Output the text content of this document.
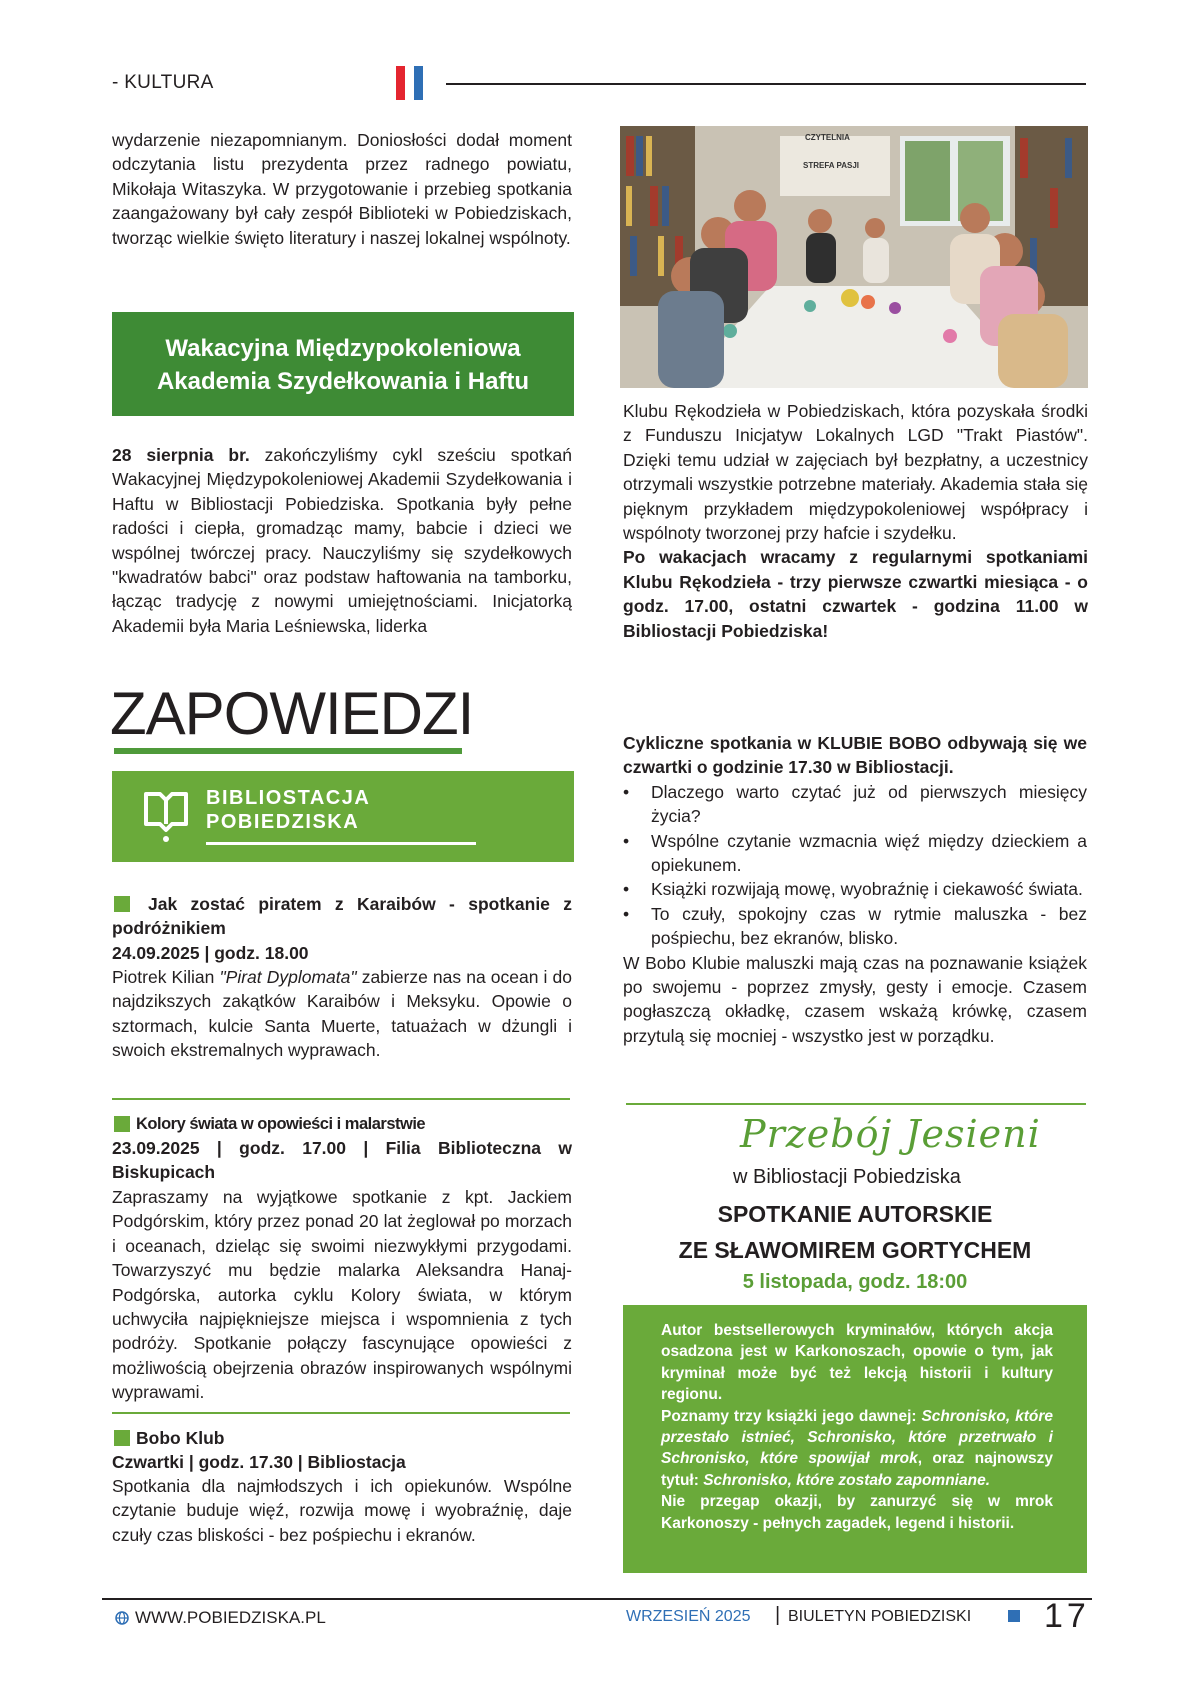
- KULTURA
wydarzenie niezapomnianym. Doniosłości dodał moment odczytania listu prezydenta przez radnego powiatu, Mikołaja Witaszyka. W przygotowanie i przebieg spotkania zaangażowany był cały zespół Biblioteki w Pobiedziskach, tworząc wielkie święto literatury i naszej lokalnej wspólnoty.
Wakacyjna Międzypokoleniowa
Akademia Szydełkowania i Haftu
28 sierpnia br. zakończyliśmy cykl sześciu spotkań Wakacyjnej Międzypokoleniowej Akademii Szydełkowania i Haftu w Bibliostacji Pobiedziska. Spotkania były pełne radości i ciepła, gromadząc mamy, babcie i dzieci we wspólnej twórczej pracy. Nauczyliśmy się szydełkowych "kwadratów babci" oraz podstaw haftowania na tamborku, łącząc tradycję z nowymi umiejętnościami. Inicjatorką Akademii była Maria Leśniewska, liderka
CZYTELNIA
STREFA PASJI
Klubu Rękodzieła w Pobiedziskach, która pozyskała środki z Funduszu Inicjatyw Lokalnych LGD "Trakt Piastów". Dzięki temu udział w zajęciach był bezpłatny, a uczestnicy otrzymali wszystkie potrzebne materiały. Akademia stała się pięknym przykładem międzypokoleniowej współpracy i wspólnoty tworzonej przy hafcie i szydełku.
Po wakacjach wracamy z regularnymi spotkaniami Klubu Rękodzieła - trzy pierwsze czwartki miesiąca - o godz. 17.00, ostatni czwartek - godzina 11.00 w Bibliostacji Pobiedziska!
ZAPOWIEDZI
BIBLIOSTACJA
POBIEDZISKA
Jak zostać piratem z Karaibów - spotkanie z podróżnikiem
24.09.2025 | godz. 18.00
Piotrek Kilian "Pirat Dyplomata" zabierze nas na ocean i do najdzikszych zakątków Karaibów i Meksyku. Opowie o sztormach, kulcie Santa Muerte, tatuażach w dżungli i swoich ekstremalnych wyprawach.
Kolory świata w opowieści i malarstwie
23.09.2025 | godz. 17.00 | Filia Biblioteczna w Biskupicach
Zapraszamy na wyjątkowe spotkanie z kpt. Jackiem Podgórskim, który przez ponad 20 lat żeglował po morzach i oceanach, dzieląc się swoimi niezwykłymi przygodami. Towarzyszyć mu będzie malarka Aleksandra Hanaj-Podgórska, autorka cyklu Kolory świata, w którym uchwyciła najpiękniejsze miejsca i wspomnienia z tych podróży. Spotkanie połączy fascynujące opowieści z możliwością obejrzenia obrazów inspirowanych wspólnymi wyprawami.
Bobo Klub
Czwartki | godz. 17.30 | Bibliostacja
Spotkania dla najmłodszych i ich opiekunów. Wspólne czytanie buduje więź, rozwija mowę i wyobraźnię, daje czuły czas bliskości - bez pośpiechu i ekranów.
Cykliczne spotkania w KLUBIE BOBO odbywają się we czwartki o godzinie 17.30 w Bibliostacji.
• Dlaczego warto czytać już od pierwszych miesięcy życia?
• Wspólne czytanie wzmacnia więź między dzieckiem a opiekunem.
• Książki rozwijają mowę, wyobraźnię i ciekawość świata.
• To czuły, spokojny czas w rytmie maluszka - bez pośpiechu, bez ekranów, blisko.
W Bobo Klubie maluszki mają czas na poznawanie książek po swojemu - poprzez zmysły, gesty i emocje. Czasem pogłaszczą okładkę, czasem wskażą krówkę, czasem przytulą się mocniej - wszystko jest w porządku.
Przebój Jesieni
w Bibliostacji Pobiedziska
SPOTKANIE AUTORSKIE
ZE SŁAWOMIREM GORTYCHEM
5 listopada, godz. 18:00
Autor bestsellerowych kryminałów, których akcja osadzona jest w Karkonoszach, opowie o tym, jak kryminał może być też lekcją historii i kultury regionu.
Poznamy trzy książki jego dawnej: Schronisko, które przestało istnieć, Schronisko, które przetrwało i Schronisko, które spowijał mrok, oraz najnowszy tytuł: Schronisko, które zostało zapomniane.
Nie przegap okazji, by zanurzyć się w mrok Karkonoszy - pełnych zagadek, legend i historii.
WWW.POBIEDZISKA.PL	WRZESIEŃ 2025 | BIULETYN POBIEDZISKI 17
